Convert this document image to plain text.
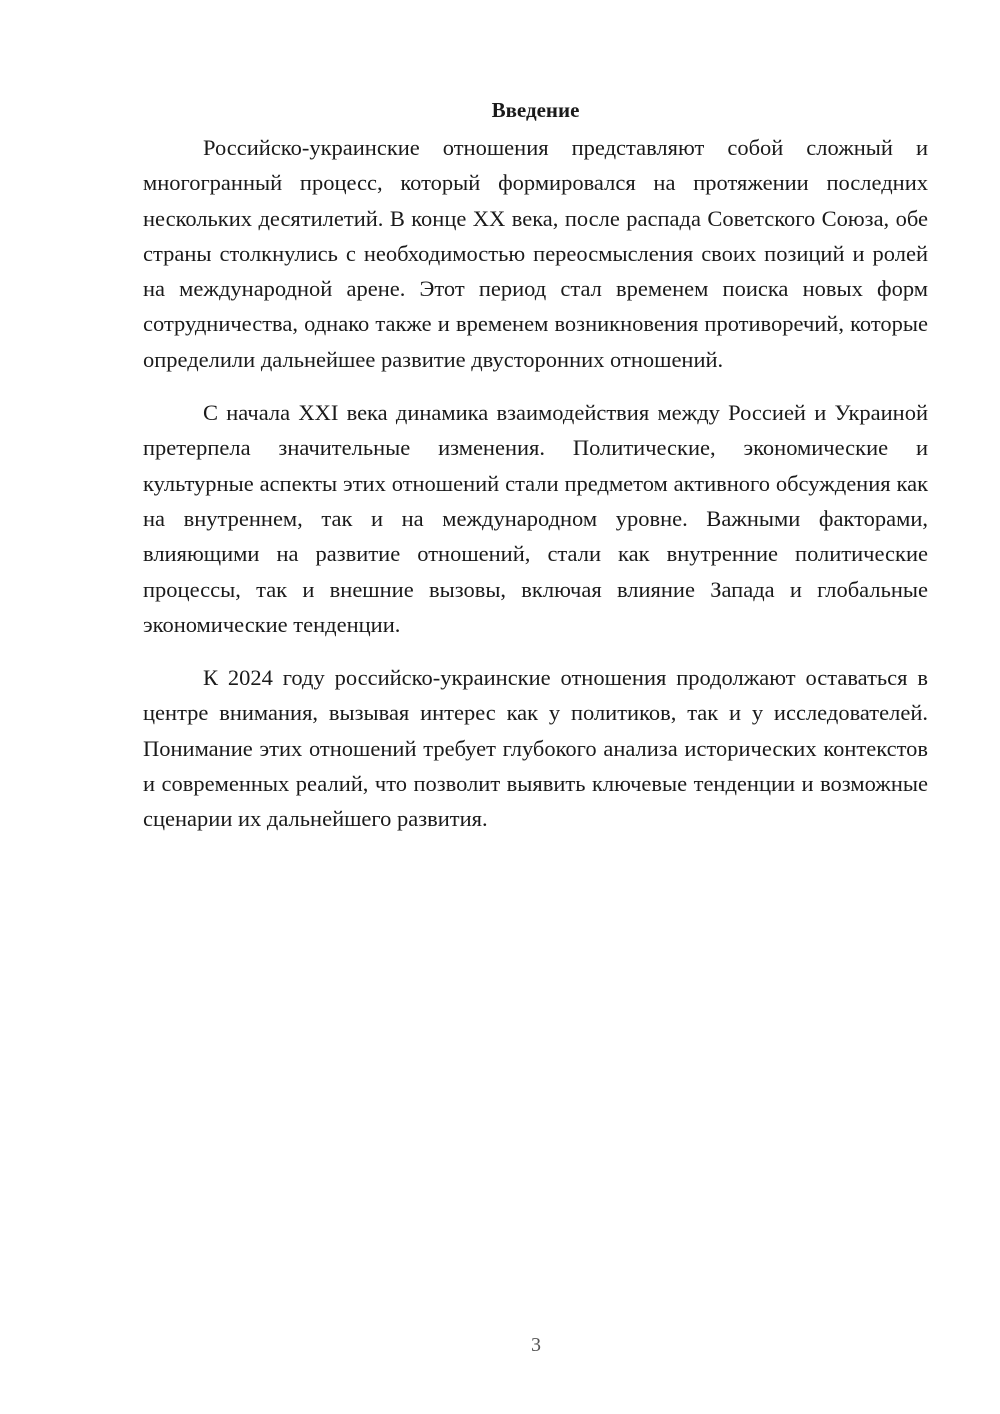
Введение

Российско-украинские отношения представляют собой сложный и многогранный процесс, который формировался на протяжении последних нескольких десятилетий. В конце XX века, после распада Советского Союза, обе страны столкнулись с необходимостью переосмысления своих позиций и ролей на международной арене. Этот период стал временем поиска новых форм сотрудничества, однако также и временем возникновения противоречий, которые определили дальнейшее развитие двусторонних отношений.

С начала XXI века динамика взаимодействия между Россией и Украиной претерпела значительные изменения. Политические, экономические и культурные аспекты этих отношений стали предметом активного обсуждения как на внутреннем, так и на международном уровне. Важными факторами, влияющими на развитие отношений, стали как внутренние политические процессы, так и внешние вызовы, включая влияние Запада и глобальные экономические тенденции.

К 2024 году российско-украинские отношения продолжают оставаться в центре внимания, вызывая интерес как у политиков, так и у исследователей. Понимание этих отношений требует глубокого анализа исторических контекстов и современных реалий, что позволит выявить ключевые тенденции и возможные сценарии их дальнейшего развития.

3
